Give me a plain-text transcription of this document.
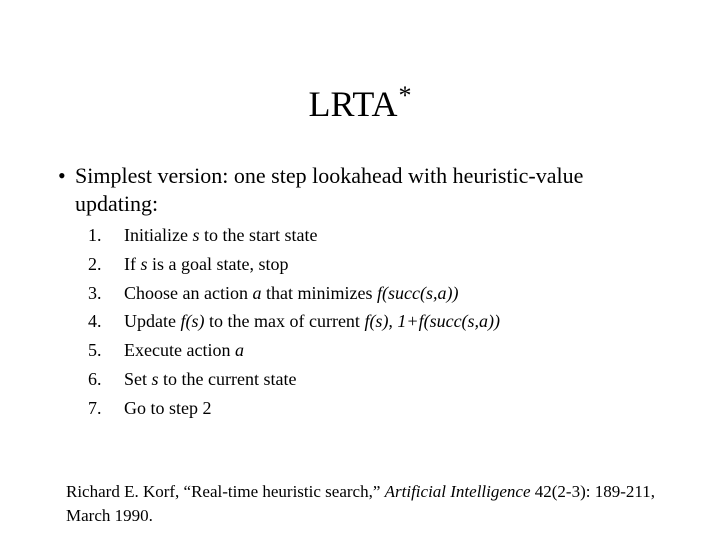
LRTA*
• Simplest version: one step lookahead with heuristic-value updating:
1. Initialize s to the start state
2. If s is a goal state, stop
3. Choose an action a that minimizes f(succ(s,a))
4. Update f(s) to the max of current f(s), 1+f(succ(s,a))
5. Execute action a
6. Set s to the current state
7. Go to step 2
Richard E. Korf, “Real-time heuristic search,” Artificial Intelligence 42(2-3): 189-211, March 1990.
